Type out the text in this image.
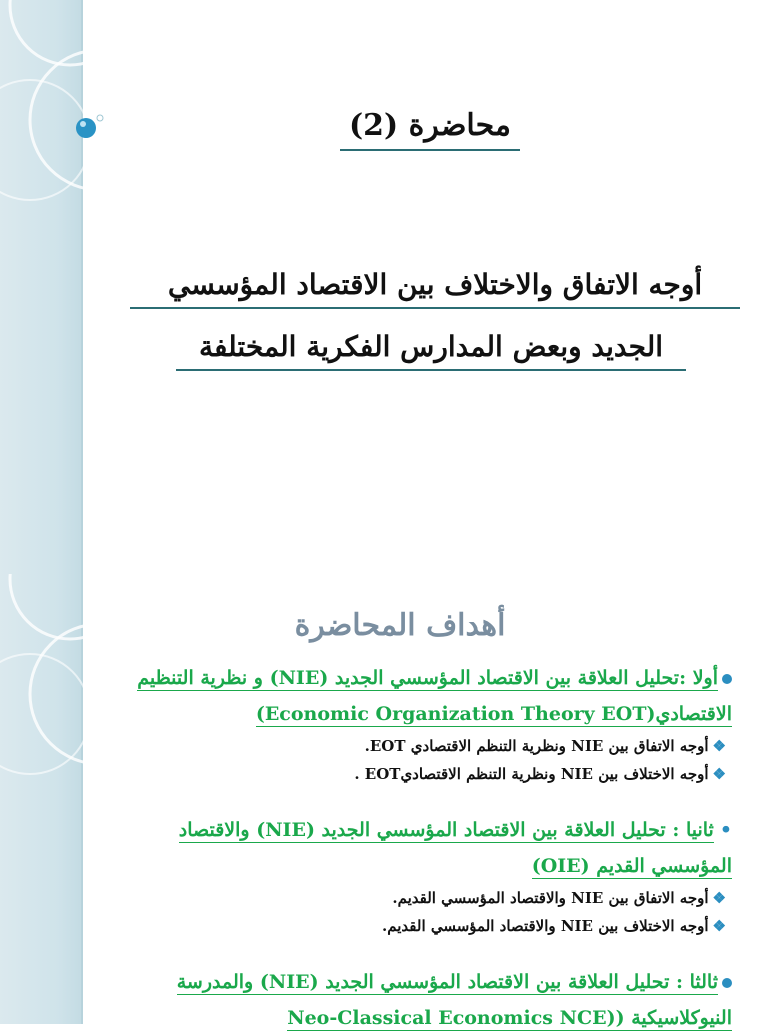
محاضرة (2)
أوجه الاتفاق والاختلاف بين الاقتصاد المؤسسي
الجديد وبعض المدارس الفكرية المختلفة
أهداف المحاضرة
أولا :تحليل العلاقة بين الاقتصاد المؤسسي الجديد (NIE) و نظرية التنظيم
الاقتصادي(Economic Organization Theory EOT)
❖أوجه الاتفاق بين NIE ونظرية التنظم الاقتصادي EOT.
❖أوجه الاختلاف بين NIE ونظرية التنظم الاقتصاديEOT .
•ثانيا : تحليل العلاقة بين الاقتصاد المؤسسي الجديد (NIE) والاقتصاد
المؤسسي القديم (OIE)
❖أوجه الاتفاق بين NIE والاقتصاد المؤسسي القديم.
❖أوجه الاختلاف بين NIE والاقتصاد المؤسسي القديم.
ثالثا : تحليل العلاقة بين الاقتصاد المؤسسي الجديد (NIE) والمدرسة
النيوكلاسيكية ((Neo-Classical Economics NCE
